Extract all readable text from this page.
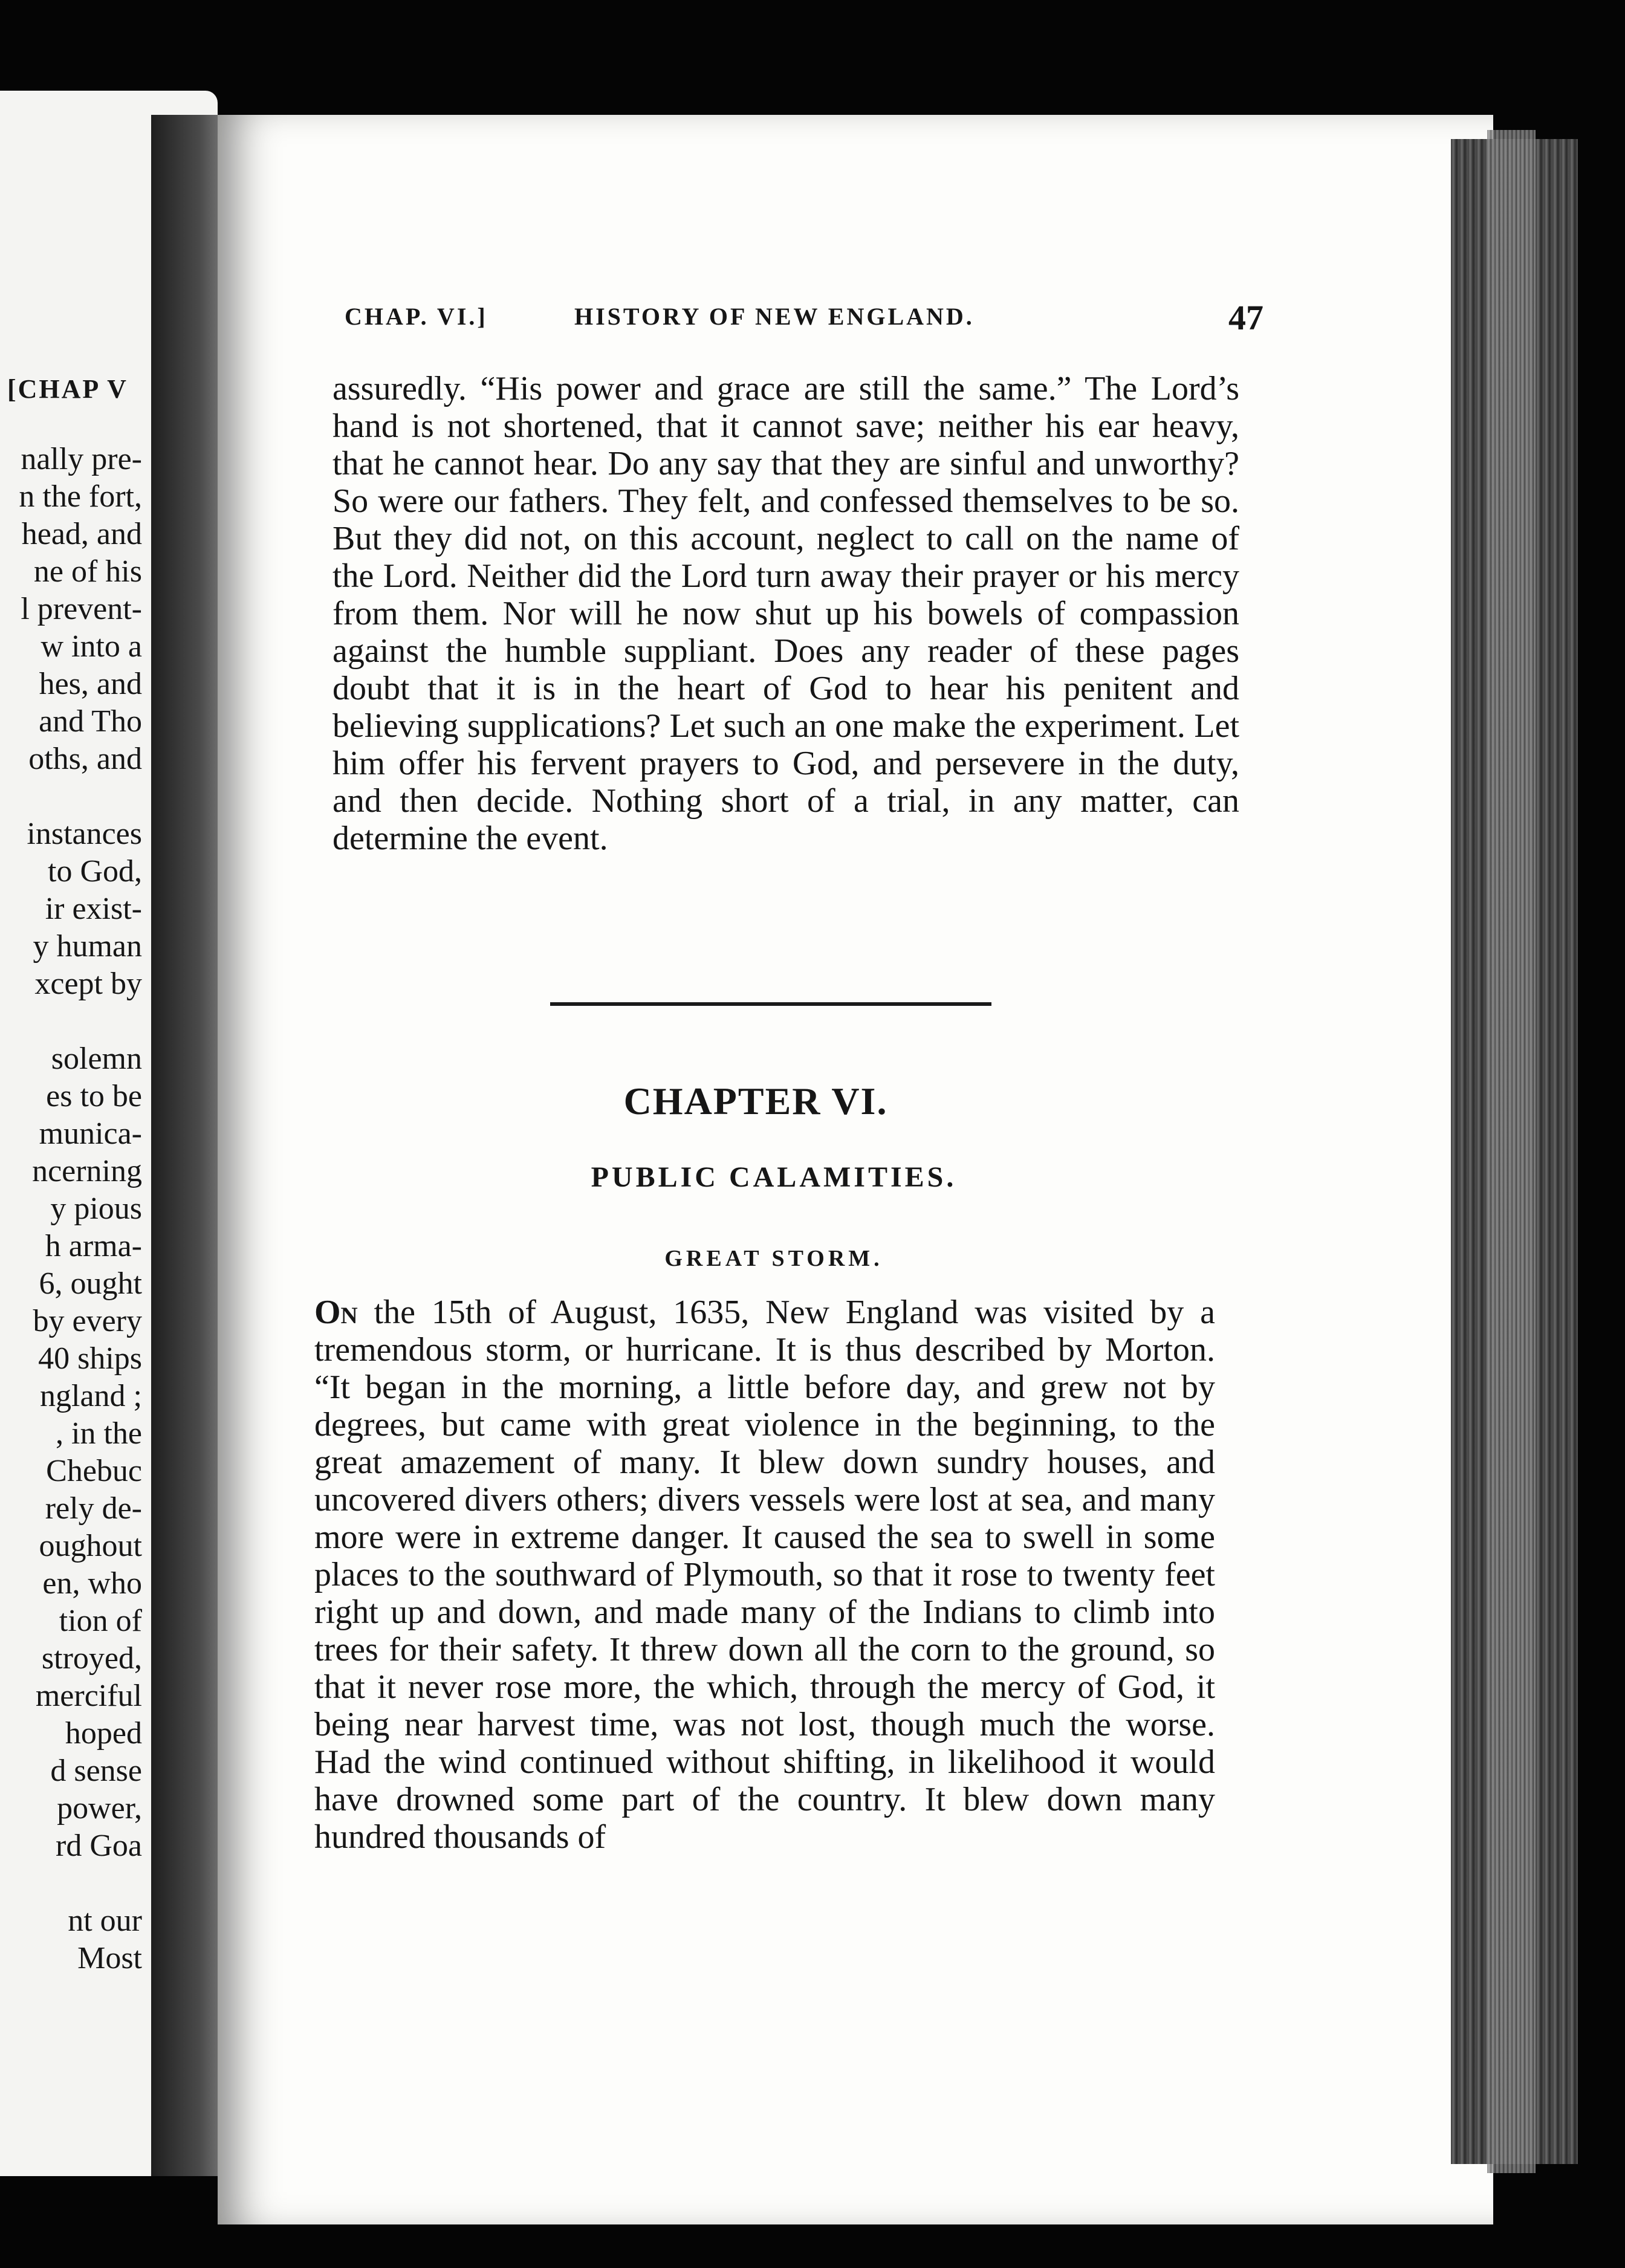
[CHAP V
nally pre-
n the fort,
head, and
ne of his
l prevent-
w into a
hes, and
and Tho
oths, and
instances
to God,
ir exist-
y human
xcept by
solemn
es to be
munica-
ncerning
y pious
h arma-
6, ought
by every
40 ships
ngland ;
, in the
Chebuc
rely de-
oughout
en, who
tion of
stroyed,
merciful
hoped
d sense
power,
rd Goa
nt our
Most
CHAP. VI.]	HISTORY OF NEW ENGLAND.	47

assuredly. “His power and grace are still the same.” The Lord’s hand is not shortened, that it cannot save; neither his ear heavy, that he cannot hear. Do any say that they are sinful and unworthy? So were our fathers. They felt, and confessed themselves to be so. But they did not, on this account, neglect to call on the name of the Lord. Neither did the Lord turn away their prayer or his mercy from them. Nor will he now shut up his bowels of compassion against the humble suppliant. Does any reader of these pages doubt that it is in the heart of God to hear his penitent and believing supplications? Let such an one make the experiment. Let him offer his fervent prayers to God, and persevere in the duty, and then decide. Nothing short of a trial, in any matter, can determine the event.

CHAPTER VI.
PUBLIC CALAMITIES.
GREAT STORM.

On the 15th of August, 1635, New England was visited by a tremendous storm, or hurricane. It is thus described by Morton. “It began in the morning, a little before day, and grew not by degrees, but came with great violence in the beginning, to the great amazement of many. It blew down sundry houses, and uncovered divers others; divers vessels were lost at sea, and many more were in extreme danger. It caused the sea to swell in some places to the southward of Plymouth, so that it rose to twenty feet right up and down, and made many of the Indians to climb into trees for their safety. It threw down all the corn to the ground, so that it never rose more, the which, through the mercy of God, it being near harvest time, was not lost, though much the worse. Had the wind continued without shifting, in likelihood it would have drowned some part of the country. It blew down many hundred thousands of
